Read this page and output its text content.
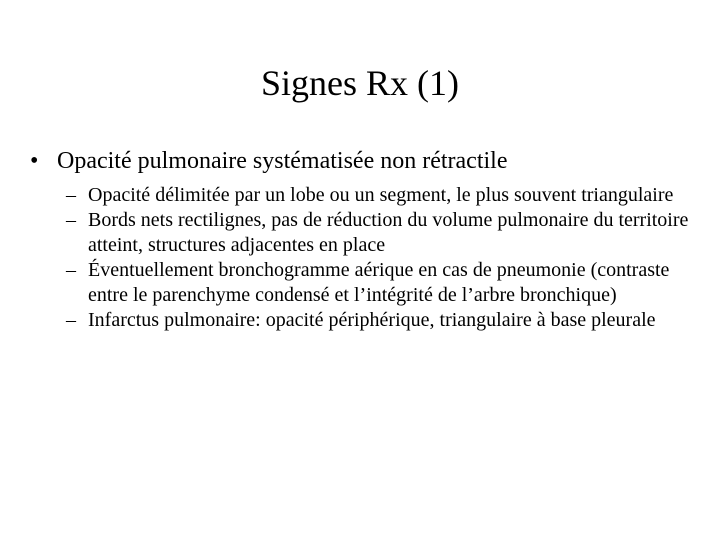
Signes Rx (1)
• Opacité pulmonaire systématisée non rétractile
– Opacité délimitée par un lobe ou un segment, le plus souvent triangulaire
– Bords nets rectilignes, pas de réduction du volume pulmonaire du territoire atteint, structures adjacentes en place
– Éventuellement bronchogramme aérique en cas de pneumonie (contraste entre le parenchyme condensé et l’intégrité de l’arbre bronchique)
– Infarctus pulmonaire: opacité périphérique, triangulaire à base pleurale
